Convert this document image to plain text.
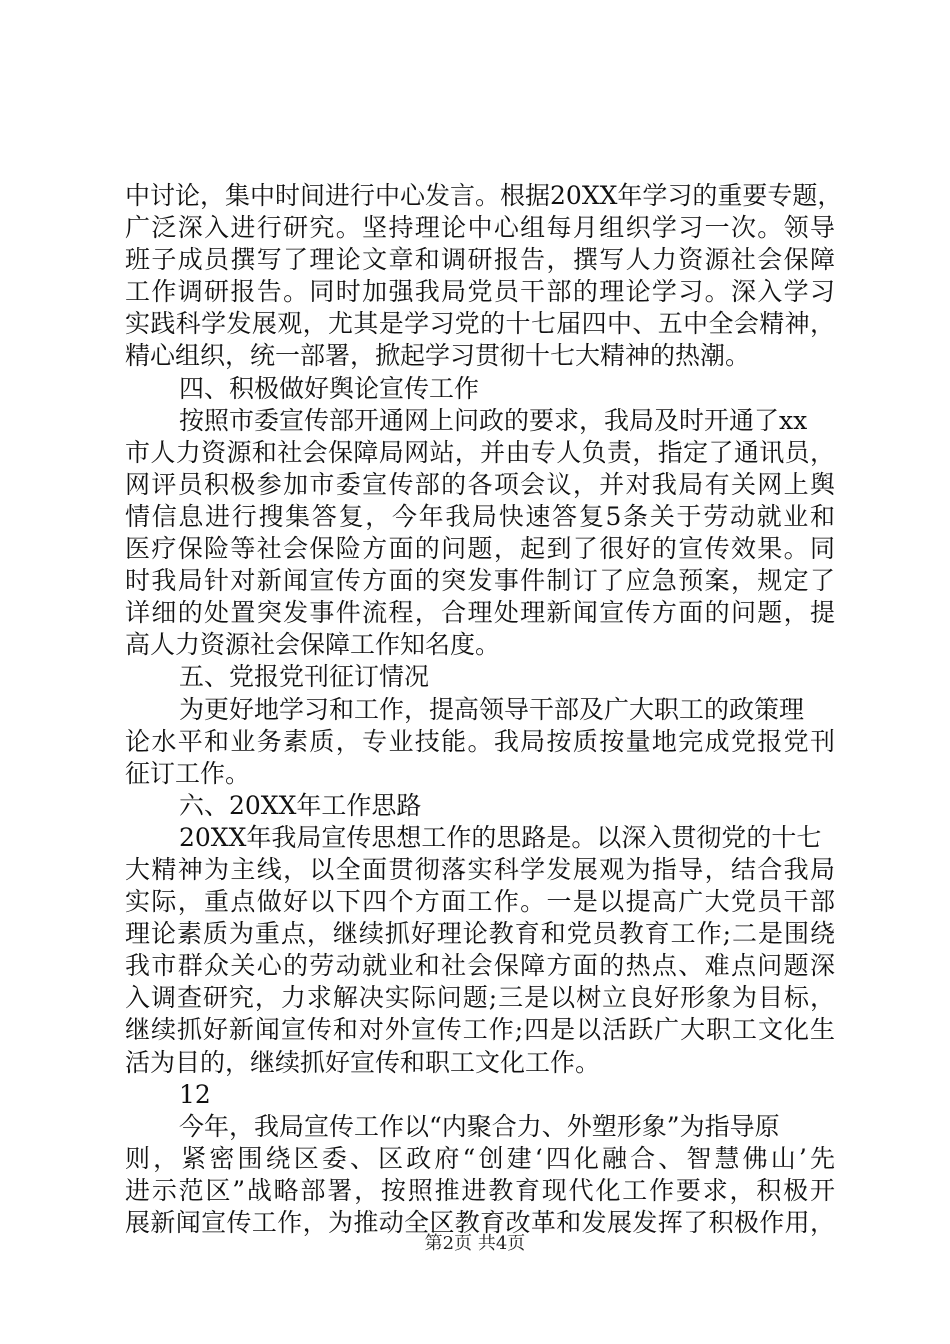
中讨论，集中时间进行中心发言。根据20XX年学习的重要专题，
广泛深入进行研究。坚持理论中心组每月组织学习一次。领导
班子成员撰写了理论文章和调研报告，撰写人力资源社会保障
工作调研报告。同时加强我局党员干部的理论学习。深入学习
实践科学发展观，尤其是学习党的十七届四中、五中全会精神，
精心组织，统一部署，掀起学习贯彻十七大精神的热潮。
四、积极做好舆论宣传工作
按照市委宣传部开通网上问政的要求，我局及时开通了xx
市人力资源和社会保障局网站，并由专人负责，指定了通讯员，
网评员积极参加市委宣传部的各项会议，并对我局有关网上舆
情信息进行搜集答复，今年我局快速答复5条关于劳动就业和
医疗保险等社会保险方面的问题，起到了很好的宣传效果。同
时我局针对新闻宣传方面的突发事件制订了应急预案，规定了
详细的处置突发事件流程，合理处理新闻宣传方面的问题，提
高人力资源社会保障工作知名度。
五、党报党刊征订情况
为更好地学习和工作，提高领导干部及广大职工的政策理
论水平和业务素质，专业技能。我局按质按量地完成党报党刊
征订工作。
六、20XX年工作思路
20XX年我局宣传思想工作的思路是。以深入贯彻党的十七
大精神为主线，以全面贯彻落实科学发展观为指导，结合我局
实际，重点做好以下四个方面工作。一是以提高广大党员干部
理论素质为重点，继续抓好理论教育和党员教育工作;二是围绕
我市群众关心的劳动就业和社会保障方面的热点、难点问题深
入调查研究，力求解决实际问题;三是以树立良好形象为目标，
继续抓好新闻宣传和对外宣传工作;四是以活跃广大职工文化生
活为目的，继续抓好宣传和职工文化工作。
12
今年，我局宣传工作以“内聚合力、外塑形象”为指导原
则，紧密围绕区委、区政府“创建‘四化融合、智慧佛山’先
进示范区”战略部署，按照推进教育现代化工作要求，积极开
展新闻宣传工作，为推动全区教育改革和发展发挥了积极作用，
第2页 共4页
